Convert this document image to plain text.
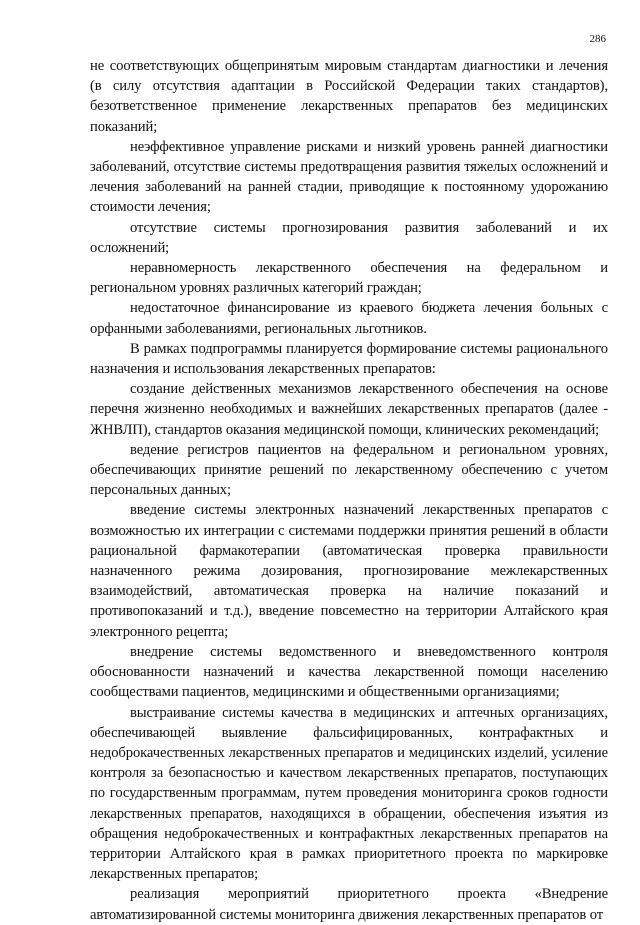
286

не соответствующих общепринятым мировым стандартам диагностики и лечения (в силу отсутствия адаптации в Российской Федерации таких стандартов), безответственное применение лекарственных препаратов без медицинских показаний;

неэффективное управление рисками и низкий уровень ранней диагностики заболеваний, отсутствие системы предотвращения развития тяжелых осложнений и лечения заболеваний на ранней стадии, приводящие к постоянному удорожанию стоимости лечения;

отсутствие системы прогнозирования развития заболеваний и их осложнений;

неравномерность лекарственного обеспечения на федеральном и региональном уровнях различных категорий граждан;

недостаточное финансирование из краевого бюджета лечения больных с орфанными заболеваниями, региональных льготников.

В рамках подпрограммы планируется формирование системы рационального назначения и использования лекарственных препаратов:

создание действенных механизмов лекарственного обеспечения на основе перечня жизненно необходимых и важнейших лекарственных препаратов (далее - ЖНВЛП), стандартов оказания медицинской помощи, клинических рекомендаций;

ведение регистров пациентов на федеральном и региональном уровнях, обеспечивающих принятие решений по лекарственному обеспечению с учетом персональных данных;

введение системы электронных назначений лекарственных препаратов с возможностью их интеграции с системами поддержки принятия решений в области рациональной фармакотерапии (автоматическая проверка правильности назначенного режима дозирования, прогнозирование межлекарственных взаимодействий, автоматическая проверка на наличие показаний и противопоказаний и т.д.), введение повсеместно на территории Алтайского края электронного рецепта;

внедрение системы ведомственного и вневедомственного контроля обоснованности назначений и качества лекарственной помощи населению сообществами пациентов, медицинскими и общественными организациями;

выстраивание системы качества в медицинских и аптечных организациях, обеспечивающей выявление фальсифицированных, контрафактных и недоброкачественных лекарственных препаратов и медицинских изделий, усиление контроля за безопасностью и качеством лекарственных препаратов, поступающих по государственным программам, путем проведения мониторинга сроков годности лекарственных препаратов, находящихся в обращении, обеспечения изъятия из обращения недоброкачественных и контрафактных лекарственных препаратов на территории Алтайского края в рамках приоритетного проекта по маркировке лекарственных препаратов;

реализация мероприятий приоритетного проекта «Внедрение автоматизированной системы мониторинга движения лекарственных препаратов от
